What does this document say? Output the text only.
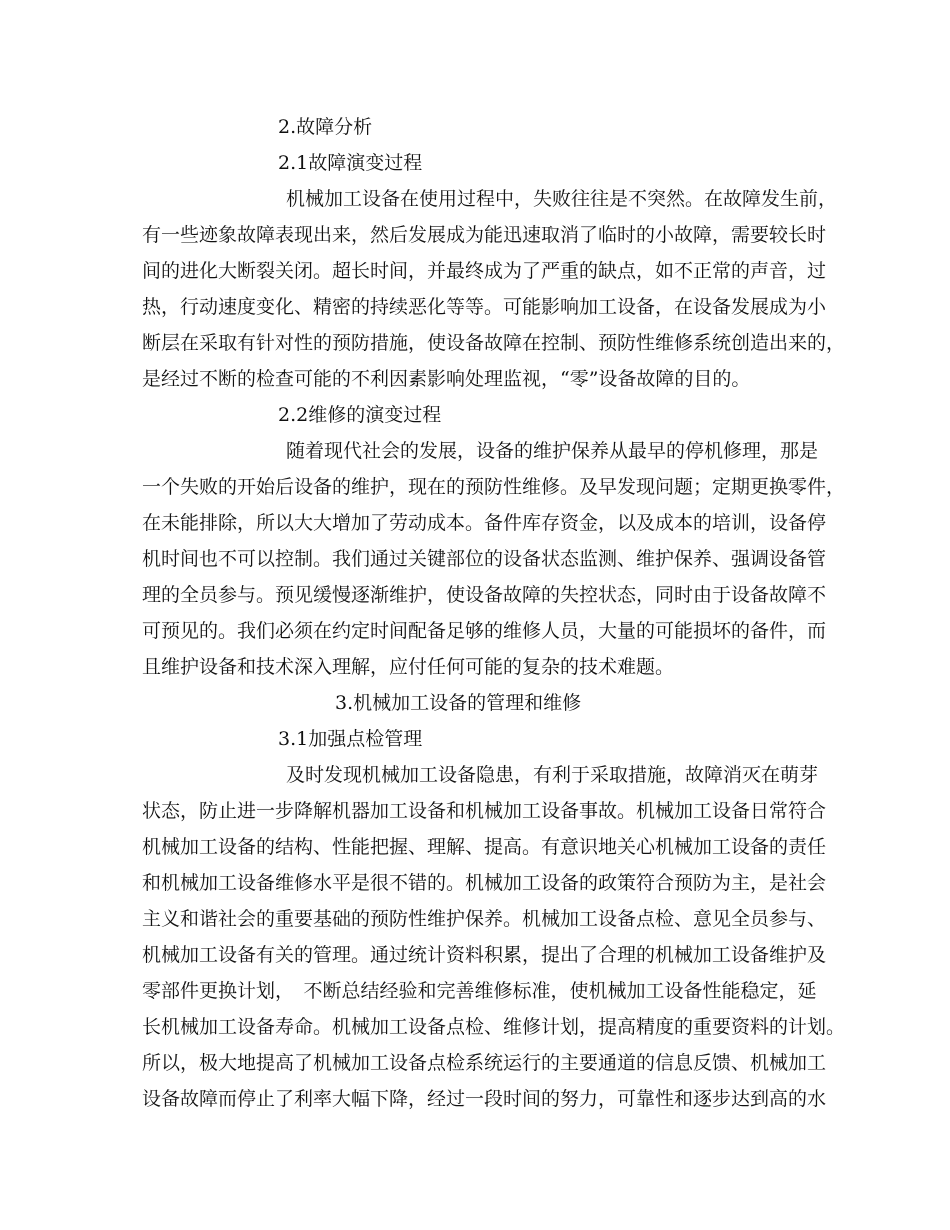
2.故障分析
2.1故障演变过程
机械加工设备在使用过程中，失败往往是不突然。在故障发生前，
有一些迹象故障表现出来，然后发展成为能迅速取消了临时的小故障，需要较长时
间的进化大断裂关闭。超长时间，并最终成为了严重的缺点，如不正常的声音，过
热，行动速度变化、精密的持续恶化等等。可能影响加工设备，在设备发展成为小
断层在采取有针对性的预防措施，使设备故障在控制、预防性维修系统创造出来的，
是经过不断的检查可能的不利因素影响处理监视，“零”设备故障的目的。
2.2维修的演变过程
随着现代社会的发展，设备的维护保养从最早的停机修理，那是
一个失败的开始后设备的维护，现在的预防性维修。及早发现问题；定期更换零件，
在未能排除，所以大大增加了劳动成本。备件库存资金，以及成本的培训，设备停
机时间也不可以控制。我们通过关键部位的设备状态监测、维护保养、强调设备管
理的全员参与。预见缓慢逐渐维护，使设备故障的失控状态，同时由于设备故障不
可预见的。我们必须在约定时间配备足够的维修人员，大量的可能损坏的备件，而
且维护设备和技术深入理解，应付任何可能的复杂的技术难题。
3.机械加工设备的管理和维修
3.1加强点检管理
及时发现机械加工设备隐患，有利于采取措施，故障消灭在萌芽
状态，防止进一步降解机器加工设备和机械加工设备事故。机械加工设备日常符合
机械加工设备的结构、性能把握、理解、提高。有意识地关心机械加工设备的责任
和机械加工设备维修水平是很不错的。机械加工设备的政策符合预防为主，是社会
主义和谐社会的重要基础的预防性维护保养。机械加工设备点检、意见全员参与、
机械加工设备有关的管理。通过统计资料积累，提出了合理的机械加工设备维护及
零部件更换计划，　不断总结经验和完善维修标准，使机械加工设备性能稳定，延
长机械加工设备寿命。机械加工设备点检、维修计划，提高精度的重要资料的计划。
所以，极大地提高了机械加工设备点检系统运行的主要通道的信息反馈、机械加工
设备故障而停止了利率大幅下降，经过一段时间的努力，可靠性和逐步达到高的水
